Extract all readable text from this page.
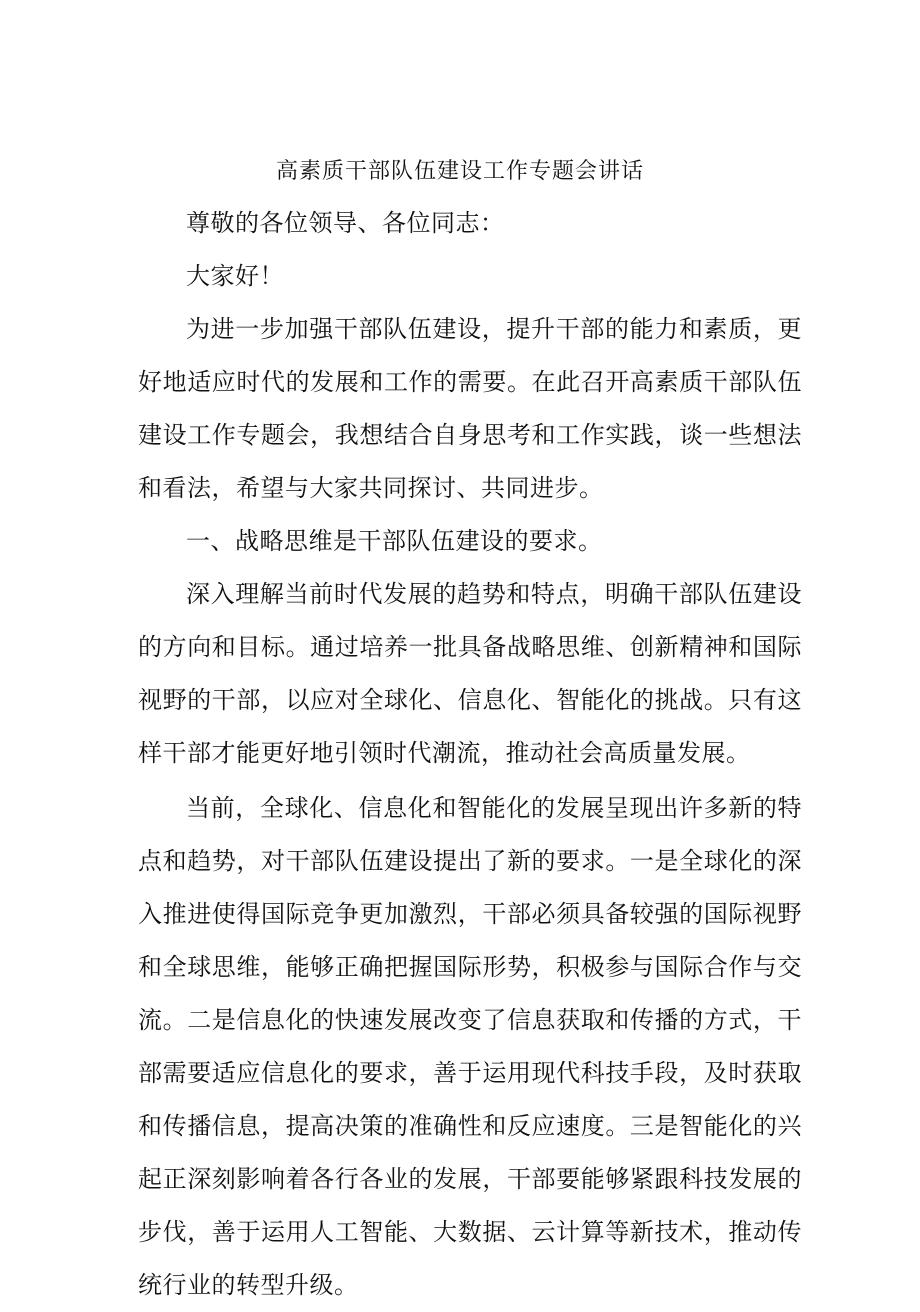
高素质干部队伍建设工作专题会讲话

尊敬的各位领导、各位同志：

大家好！

为进一步加强干部队伍建设，提升干部的能力和素质，更好地适应时代的发展和工作的需要。在此召开高素质干部队伍建设工作专题会，我想结合自身思考和工作实践，谈一些想法和看法，希望与大家共同探讨、共同进步。

一、战略思维是干部队伍建设的要求。

深入理解当前时代发展的趋势和特点，明确干部队伍建设的方向和目标。通过培养一批具备战略思维、创新精神和国际视野的干部，以应对全球化、信息化、智能化的挑战。只有这样干部才能更好地引领时代潮流，推动社会高质量发展。

当前，全球化、信息化和智能化的发展呈现出许多新的特点和趋势，对干部队伍建设提出了新的要求。一是全球化的深入推进使得国际竞争更加激烈，干部必须具备较强的国际视野和全球思维，能够正确把握国际形势，积极参与国际合作与交流。二是信息化的快速发展改变了信息获取和传播的方式，干部需要适应信息化的要求，善于运用现代科技手段，及时获取和传播信息，提高决策的准确性和反应速度。三是智能化的兴起正深刻影响着各行各业的发展，干部要能够紧跟科技发展的步伐，善于运用人工智能、大数据、云计算等新技术，推动传统行业的转型升级。
